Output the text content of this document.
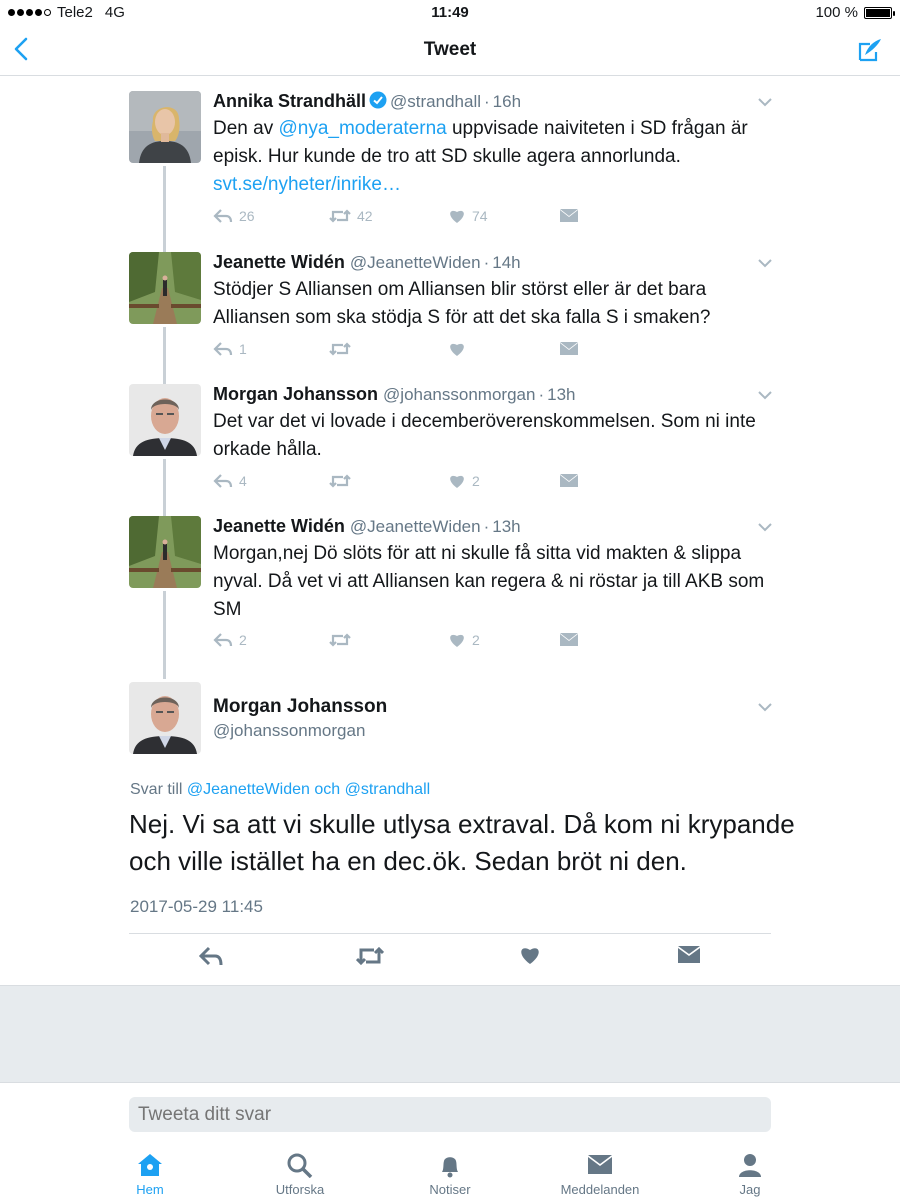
Tele2 4G	11:49	100 %
Tweet
Annika Strandhäll @strandhall · 16h
Den av @nya_moderaterna uppvisade naiviteten i SD frågan är episk. Hur kunde de tro att SD skulle agera annorlunda. svt.se/nyheter/inrike…
26	42	74
Jeanette Widén @JeanetteWiden · 14h
Stödjer S Alliansen om Alliansen blir störst eller är det bara Alliansen som ska stödja S för att det ska falla S i smaken?
1
Morgan Johansson @johanssonmorgan · 13h
Det var det vi lovade i decemberöverenskommelsen. Som ni inte orkade hålla.
4	2
Jeanette Widén @JeanetteWiden · 13h
Morgan,nej Dö slöts för att ni skulle få sitta vid makten & slippa nyval. Då vet vi att Alliansen kan regera & ni röstar ja till AKB som SM
2	2
Morgan Johansson
@johanssonmorgan
Svar till @JeanetteWiden och @strandhall
Nej. Vi sa att vi skulle utlysa extraval. Då kom ni krypande och ville istället ha en dec.ök. Sedan bröt ni den.
2017-05-29 11:45
Tweeta ditt svar
Hem	Utforska	Notiser	Meddelanden	Jag
